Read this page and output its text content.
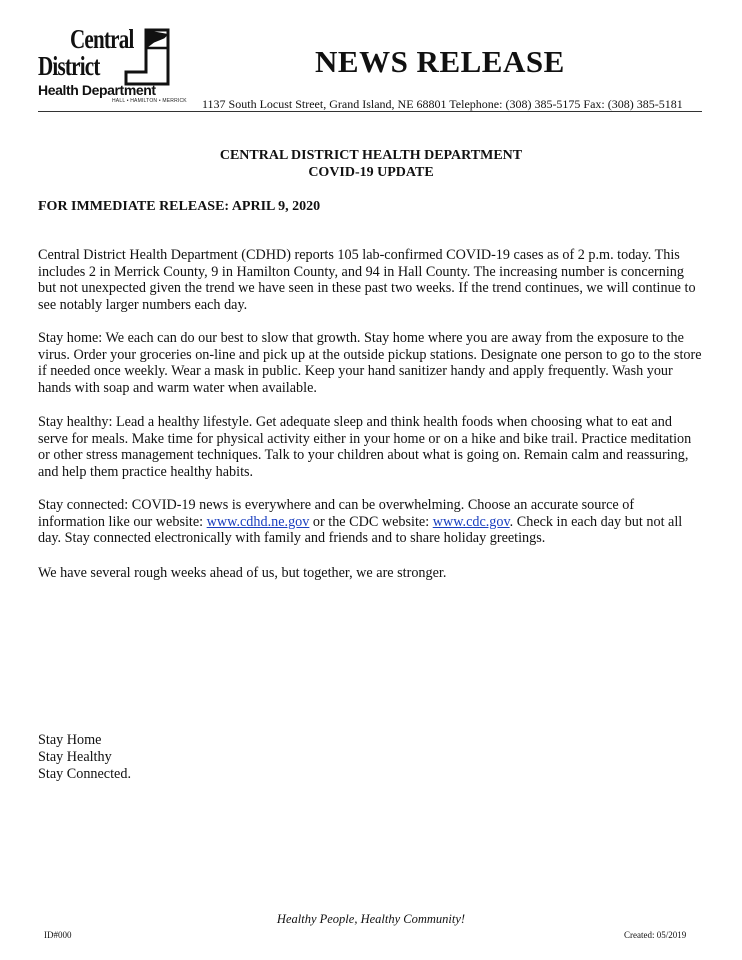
Central
District
Health Department
HALL • HAMILTON • MERRICK
NEWS RELEASE
1137 South Locust Street, Grand Island, NE 68801 Telephone: (308) 385-5175 Fax: (308) 385-5181
CENTRAL DISTRICT HEALTH DEPARTMENT
COVID-19 UPDATE
FOR IMMEDIATE RELEASE: APRIL 9, 2020
Central District Health Department (CDHD) reports 105 lab-confirmed COVID-19 cases as of 2 p.m. today. This includes 2 in Merrick County, 9 in Hamilton County, and 94 in Hall County. The increasing number is concerning but not unexpected given the trend we have seen in these past two weeks. If the trend continues, we will continue to see notably larger numbers each day.
Stay home: We each can do our best to slow that growth. Stay home where you are away from the exposure to the virus. Order your groceries on-line and pick up at the outside pickup stations. Designate one person to go to the store if needed once weekly. Wear a mask in public. Keep your hand sanitizer handy and apply frequently. Wash your hands with soap and warm water when available.
Stay healthy: Lead a healthy lifestyle. Get adequate sleep and think health foods when choosing what to eat and serve for meals. Make time for physical activity either in your home or on a hike and bike trail. Practice meditation or other stress management techniques. Talk to your children about what is going on. Remain calm and reassuring, and help them practice healthy habits.
Stay connected: COVID-19 news is everywhere and can be overwhelming. Choose an accurate source of information like our website: www.cdhd.ne.gov or the CDC website: www.cdc.gov. Check in each day but not all day. Stay connected electronically with family and friends and to share holiday greetings.
We have several rough weeks ahead of us, but together, we are stronger.
Stay Home
Stay Healthy
Stay Connected.
Healthy People, Healthy Community!
ID#000	Created: 05/2019
